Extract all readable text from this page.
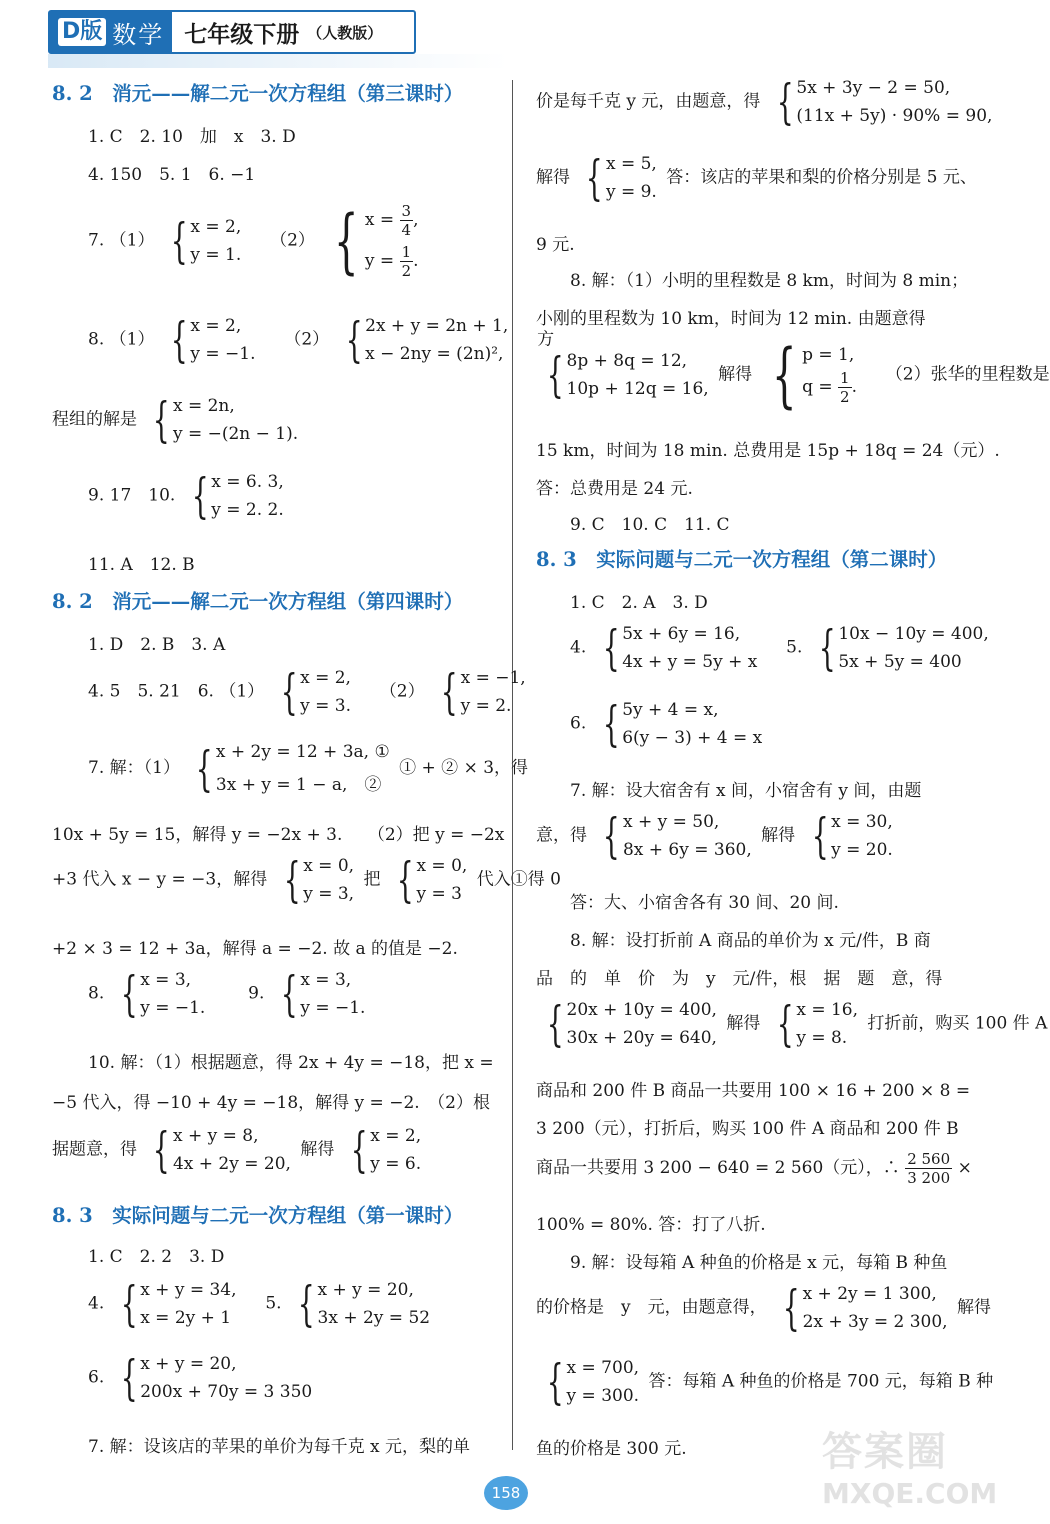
D版 数学 七年级下册 （人教版）
8. 2　消元——解二元一次方程组（第三课时）
1. C　2. 10　加　x　3. D
4. 150　5. 1　6. −1
7. （1） { x = 2,
y = 1.
（2） { $x = \frac{3}{4}$ ,
$y = \frac{1}{2}$ .
8. （1） { x = 2,
y = −1.
（2） { 2x + y = 2n + 1,
x − 2ny = (2n)²,
方
程组的解是 { x = 2n,
y = −(2n − 1).
9. 17　10. { x = 6. 3,
y = 2. 2.
11. A　12. B
8. 2　消元——解二元一次方程组（第四课时）
1. D　2. B　3. A
4. 5　5. 21　6. （1） { x = 2,
y = 3.
（2） { x = −1,
y = 2.
7. 解：（1） { x + 2y = 12 + 3a, ①
3x + y = 1 − a,　②
① + ② × 3，得
10x + 5y = 15，解得 y = −2x + 3.　　（2）把 y = −2x
+3 代入 x − y = −3，解得 { x = 0,
y = 3,
把 { x = 0,
y = 3
代入①得 0
+2 × 3 = 12 + 3a，解得 a = −2. 故 a 的值是 −2.
8. { x = 3,
y = −1.
9. { x = 3,
y = −1.
10. 解：（1）根据题意，得 2x + 4y = −18，把 x =
−5 代入，得 −10 + 4y = −18，解得 y = −2.　（2）根
据题意，得 { x + y = 8,
4x + 2y = 20,
解得 { x = 2,
y = 6.
8. 3　实际问题与二元一次方程组（第一课时）
1. C　2. 2　3. D
4. { x + y = 34,
x = 2y + 1
5. { x + y = 20,
3x + 2y = 52
6. { x + y = 20,
200x + 70y = 3 350
7. 解：设该店的苹果的单价为每千克 x 元，梨的单
价是每千克 y 元，由题意，得 { 5x + 3y − 2 = 50,
(11x + 5y) · 90% = 90,
解得 { x = 5,
y = 9.
答：该店的苹果和梨的价格分别是 5 元、
9 元.
8. 解：（1）小明的里程数是 8 km，时间为 8 min；
小刚的里程数为 10 km，时间为 12 min. 由题意得
{ 8p + 8q = 12,
10p + 12q = 16,
解得 { p = 1,
$q = \frac{1}{2}$ .
（2）张华的里程数是
15 km，时间为 18 min. 总费用是 15p + 18q = 24（元）.
答：总费用是 24 元.
9. C　10. C　11. C
8. 3　实际问题与二元一次方程组（第二课时）
1. C　2. A　3. D
4. { 5x + 6y = 16,
4x + y = 5y + x
5. { 10x − 10y = 400,
5x + 5y = 400
6. { 5y + 4 = x,
6(y − 3) + 4 = x
7. 解：设大宿舍有 x 间，小宿舍有 y 间，由题
意，得 { x + y = 50,
8x + 6y = 360,
解得 { x = 30,
y = 20.
答：大、小宿舍各有 30 间、20 间.
8. 解：设打折前 A 商品的单价为 x 元/件，B 商
品　的　单　价　为　y　元/件，根　据　题　意，得
{ 20x + 10y = 400,
30x + 20y = 640,
解得 { x = 16,
y = 8.
打折前，购买 100 件 A
商品和 200 件 B 商品一共要用 100 × 16 + 200 × 8 =
3 200（元），打折后，购买 100 件 A 商品和 200 件 B
商品一共要用 3 200 − 640 = 2 560（元），∴ $\frac{2 560}{3 200}$ ×
100% = 80%. 答：打了八折.
9. 解：设每箱 A 种鱼的价格是 x 元，每箱 B 种鱼
的价格是　y　元，由题意得， { x + 2y = 1 300,
2x + 3y = 2 300,
解得
{ x = 700,
y = 300.
答：每箱 A 种鱼的价格是 700 元，每箱 B 种
鱼的价格是 300 元.
158
答案圈
MXQE.COM
